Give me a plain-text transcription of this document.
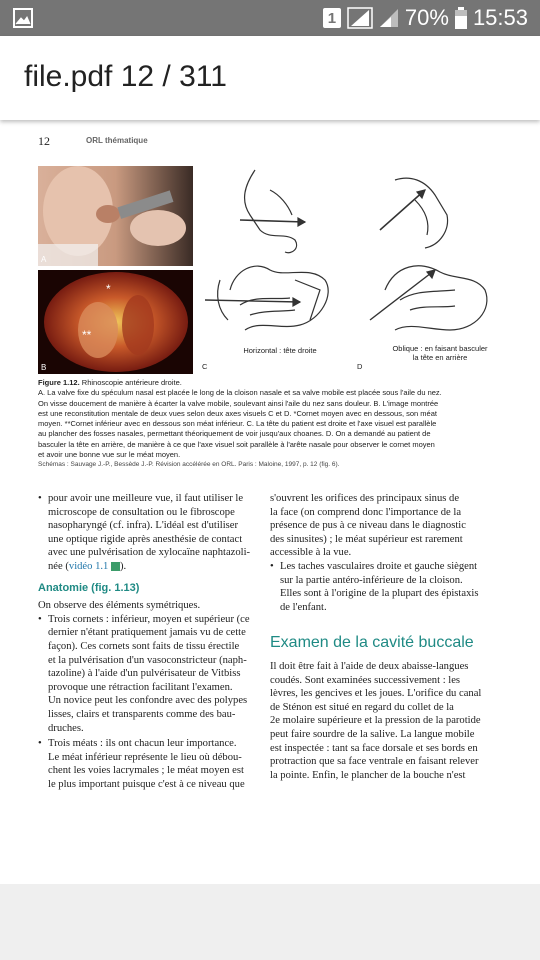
1	70% 15:53
file.pdf 12 / 311
12	ORL thématique
A
*
**
B
Horizontal : tête droite
C
Oblique : en faisant basculer
la tête en arrière
D
Figure 1.12. Rhinoscopie antérieure droite.
A. La valve fixe du spéculum nasal est placée le long de la cloison nasale et sa valve mobile est placée sous l'aile du nez.
On visse doucement de manière à écarter la valve mobile, soulevant ainsi l'aile du nez sans douleur. B. L'image montrée
est une reconstitution mentale de deux vues selon deux axes visuels C et D. *Cornet moyen avec en dessous, son méat
moyen. **Cornet inférieur avec en dessous son méat inférieur. C. La tête du patient est droite et l'axe visuel est parallèle
au plancher des fosses nasales, permettant théoriquement de voir jusqu'aux choanes. D. On a demandé au patient de
basculer la tête en arrière, de manière à ce que l'axe visuel soit parallèle à l'arête nasale pour observer le cornet moyen
et avoir une bonne vue sur le méat moyen.
Schémas : Sauvage J.-P., Bessède J.-P. Révision accélérée en ORL. Paris : Maloine, 1997, p. 12 (fig. 6).
• pour avoir une meilleure vue, il faut utiliser le
microscope de consultation ou le fibroscope
nasopharyngé (cf. infra). L'idéal est d'utiliser
une optique rigide après anesthésie de contact
avec une pulvérisation de xylocaïne naphtazoli-
née (vidéo 1.1 ).
Anatomie (fig. 1.13)

On observe des éléments symétriques.

• Trois cornets : inférieur, moyen et supérieur (ce
dernier n'étant pratiquement jamais vu de cette
façon). Ces cornets sont faits de tissu érectile
et la pulvérisation d'un vasoconstricteur (naph-
tazoline) à l'aide d'un pulvérisateur de Vitbiss
provoque une rétraction facilitant l'examen.
Un novice peut les confondre avec des polypes
lisses, clairs et transparents comme des bau-
druches.
• Trois méats : ils ont chacun leur importance.
Le méat inférieur représente le lieu où débou-
chent les voies lacrymales ; le méat moyen est
le plus important puisque c'est à ce niveau que
s'ouvrent les orifices des principaux sinus de
la face (on comprend donc l'importance de la
présence de pus à ce niveau dans le diagnostic
des sinusites) ; le méat supérieur est rarement
accessible à la vue.
• Les taches vasculaires droite et gauche siègent
sur la partie antéro-inférieure de la cloison.
Elles sont à l'origine de la plupart des épistaxis
de l'enfant.
Examen de la cavité buccale
Il doit être fait à l'aide de deux abaisse-langues
coudés. Sont examinées successivement : les
lèvres, les gencives et les joues. L'orifice du canal
de Sténon est situé en regard du collet de la
2e molaire supérieure et la pression de la parotide
peut faire sourdre de la salive. La langue mobile
est inspectée : tant sa face dorsale et ses bords en
protraction que sa face ventrale en faisant relever
la pointe. Enfin, le plancher de la bouche n'est
